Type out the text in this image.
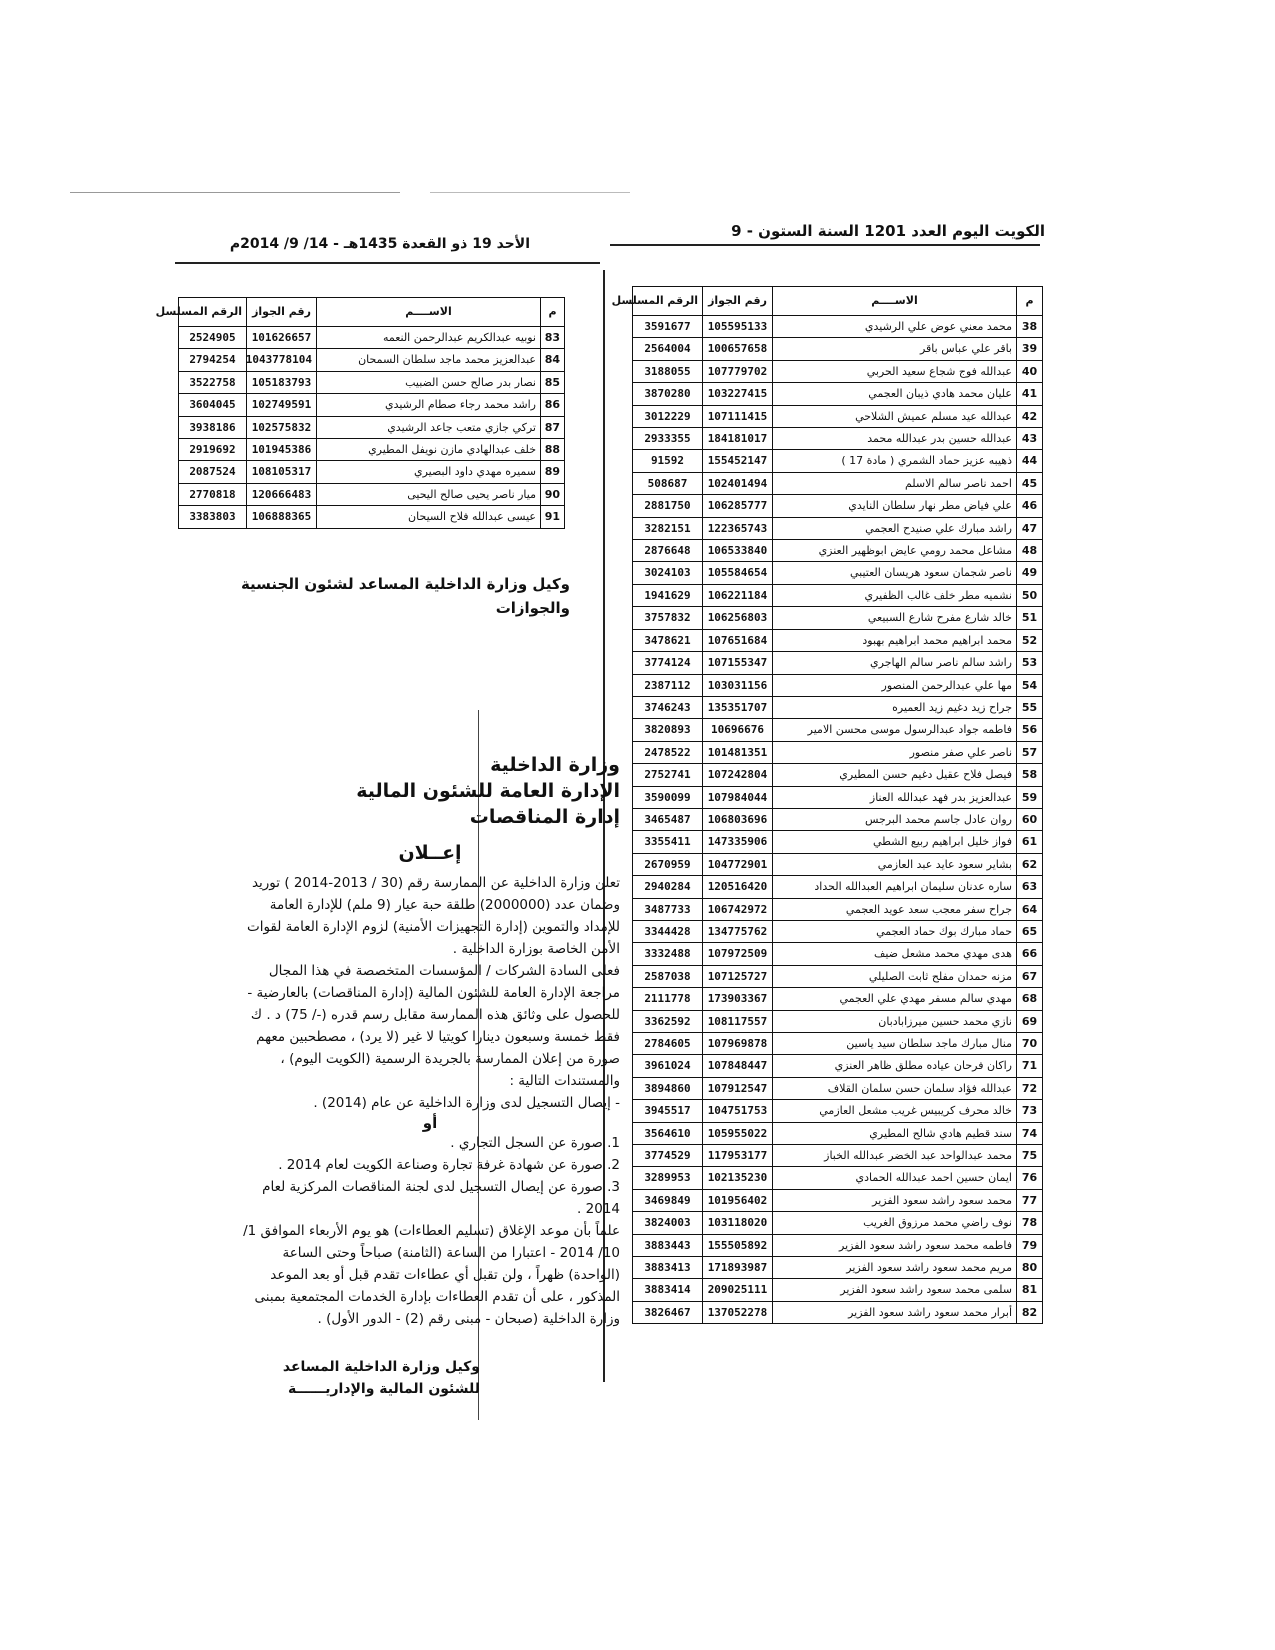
الكويت اليوم العدد 1201 السنة الستون - 9
الأحد 19 ذو القعدة 1435هـ - 14/ 9/ 2014م
م	الاســــم	رقم الجواز	الرقم المسلسل
38	محمد معني عوض علي الرشيدي	105595133	3591677
39	باقر علي عباس باقر	100657658	2564004
40	عبدالله فوج شجاع سعيد الحربي	107779702	3188055
41	عليان محمد هادي ذيبان العجمي	103227415	3870280
42	عبدالله عيد مسلم عميش الشلاحي	107111415	3012229
43	عبدالله حسين بدر عبدالله محمد	184181017	2933355
44	ذهيبه عزيز حماد الشمري ( مادة 17 )	155452147	91592
45	احمد ناصر سالم الاسلم	102401494	508687
46	علي فياض مطر نهار سلطان النايدي	106285777	2881750
47	راشد مبارك علي صنيدح العجمي	122365743	3282151
48	مشاعل محمد رومي عايض ابوظهير العنزي	106533840	2876648
49	ناصر شجمان سعود هريسان العتيبي	105584654	3024103
50	نشميه مطر خلف غالب الظفيري	106221184	1941629
51	خالد شارع مفرح شارع السبيعي	106256803	3757832
52	محمد ابراهيم محمد ابراهيم بهبود	107651684	3478621
53	راشد سالم ناصر سالم الهاجري	107155347	3774124
54	مها علي عبدالرحمن المنصور	103031156	2387112
55	جراح زيد دغيم زيد العميره	135351707	3746243
56	فاطمه جواد عبدالرسول موسى محسن الامير	10696676	3820893
57	ناصر علي صفر منصور	101481351	2478522
58	فيصل فلاح عقيل دغيم حسن المطيري	107242804	2752741
59	عبدالعزيز بدر فهد عبدالله العناز	107984044	3590099
60	روان عادل جاسم محمد البرجس	106803696	3465487
61	فواز خليل ابراهيم ربيع الشطي	147335906	3355411
62	بشاير سعود عايد عبد العازمي	104772901	2670959
63	ساره عدنان سليمان ابراهيم العبدالله الحداد	120516420	2940284
64	جراح سفر معجب سعد عويد العجمي	106742972	3487733
65	حماد مبارك بوك حماد العجمي	134775762	3344428
66	هدى مهدي محمد مشعل ضيف	107972509	3332488
67	مزنه حمدان مفلح ثابت الصليلي	107125727	2587038
68	مهدي سالم مسفر مهدي علي العجمي	173903367	2111778
69	نازي محمد حسين ميرزابادبان	108117557	3362592
70	منال مبارك ماجد سلطان سيد ياسين	107969878	2784605
71	راكان فرحان عياده مطلق ظاهر العنزي	107848447	3961024
72	عبدالله فؤاد سلمان حسن سلمان القلاف	107912547	3894860
73	خالد محرف كريبيس غريب مشعل العازمي	104751753	3945517
74	سند قطيم هادي شالح المطيري	105955022	3564610
75	محمد عبدالواحد عبد الخضر عبدالله الخباز	117953177	3774529
76	ايمان حسين احمد عبدالله الحمادي	102135230	3289953
77	محمد سعود راشد سعود الفزير	101956402	3469849
78	نوف راضي محمد مرزوق الغريب	103118020	3824003
79	فاطمه محمد سعود راشد سعود الفزير	155505892	3883443
80	مريم محمد سعود راشد سعود الفزير	171893987	3883413
81	سلمى محمد سعود راشد سعود الفزير	209025111	3883414
82	أبرار محمد سعود راشد سعود الفزير	137052278	3826467
م	الاســــم	رقم الجواز	الرقم المسلسل
83	نوبيه عبدالكريم عبدالرحمن النعمه	101626657	2524905
84	عبدالعزيز محمد ماجد سلطان السمحان	1043778104	2794254
85	نصار بدر صالح حسن الضبيب	105183793	3522758
86	راشد محمد رجاء صطام الرشيدي	102749591	3604045
87	تركي جازي متعب جاعد الرشيدي	102575832	3938186
88	خلف عبدالهادي مازن نويفل المطيري	101945386	2919692
89	سميره مهدي داود البصيري	108105317	2087524
90	ميار ناصر يحيى صالح اليحيى	120666483	2770818
91	عيسى عبدالله فلاح السيحان	106888365	3383803
وكيل وزارة الداخلية المساعد لشئون الجنسية والجوازات
وزارة الداخلية
الإدارة العامة للشئون المالية
إدارة المناقصات
إعــلان

تعلن وزارة الداخلية عن الممارسة رقم (30 / 2013-2014 ) توريد وضمان عدد (2000000) طلقة حبة عيار (9 ملم) للإدارة العامة للإمداد والتموين (إدارة التجهيزات الأمنية) لزوم الإدارة العامة لقوات الأمن الخاصة بوزارة الداخلية .

فعلى السادة الشركات / المؤسسات المتخصصة في هذا المجال مراجعة الإدارة العامة للشئون المالية (إدارة المناقصات) بالعارضية - للحصول على وثائق هذه الممارسة مقابل رسم قدره (-/ 75) د . ك فقط خمسة وسبعون دينارا كويتيا لا غير (لا يرد) ، مصطحبين معهم صورة من إعلان الممارسة بالجريدة الرسمية (الكويت اليوم) ، والمستندات التالية :

- إيصال التسجيل لدى وزارة الداخلية عن عام (2014) .

أو

1. صورة عن السجل التجاري .

2. صورة عن شهادة غرفة تجارة وصناعة الكويت لعام 2014 .

3. صورة عن إيصال التسجيل لدى لجنة المناقصات المركزية لعام 2014 .

علماً بأن موعد الإغلاق (تسليم العطاءات) هو يوم الأربعاء الموافق 1/ 10/ 2014 - اعتبارا من الساعة (الثامنة) صباحاً وحتى الساعة (الواحدة) ظهراً ، ولن تقبل أي عطاءات تقدم قبل أو بعد الموعد المذكور ، على أن تقدم العطاءات بإدارة الخدمات المجتمعية بمبنى وزارة الداخلية (صبحان - مبنى رقم (2) - الدور الأول) .

وكيل وزارة الداخلية المساعد
للشئون المالية والإداريــــــة
